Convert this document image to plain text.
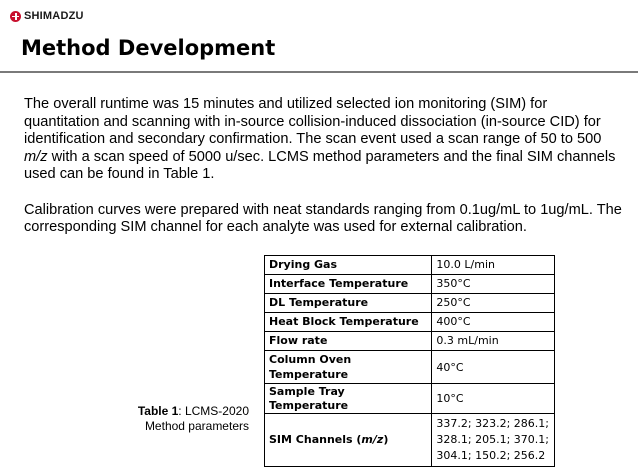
SHIMADZU
Method Development

The overall runtime was 15 minutes and utilized selected ion monitoring (SIM) for quantitation and scanning with in-source collision-induced dissociation (in-source CID) for identification and secondary confirmation. The scan event used a scan range of 50 to 500 m/z with a scan speed of 5000 u/sec. LCMS method parameters and the final SIM channels used can be found in Table 1.

Calibration curves were prepared with neat standards ranging from 0.1ug/mL to 1ug/mL. The corresponding SIM channel for each analyte was used for external calibration.

Drying Gas	10.0 L/min
Interface Temperature	350°C
DL Temperature	250°C
Heat Block Temperature	400°C
Flow rate	0.3 mL/min
Column Oven
Temperature	40°C
Sample Tray Temperature	10°C
SIM Channels (m/z)	337.2; 323.2; 286.1;
328.1; 205.1; 370.1;
304.1; 150.2; 256.2
Table 1: LCMS-2020
Method parameters
